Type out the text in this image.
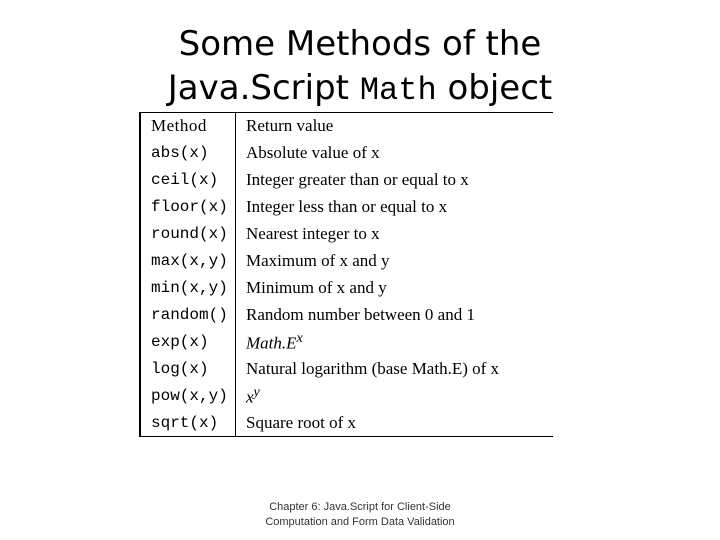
Some Methods of the
Java.Script Math object
Method	Return value
abs(x)	Absolute value of x
ceil(x)	Integer greater than or equal to x
floor(x)	Integer less than or equal to x
round(x)	Nearest integer to x
max(x,y)	Maximum of x and y
min(x,y)	Minimum of x and y
random()	Random number between 0 and 1
exp(x)	$Math.E^x$
log(x)	Natural logarithm (base Math.E) of x
pow(x,y)	$x^y$
sqrt(x)	Square root of x
Chapter 6: Java.Script for Client-Side
Computation and Form Data Validation
